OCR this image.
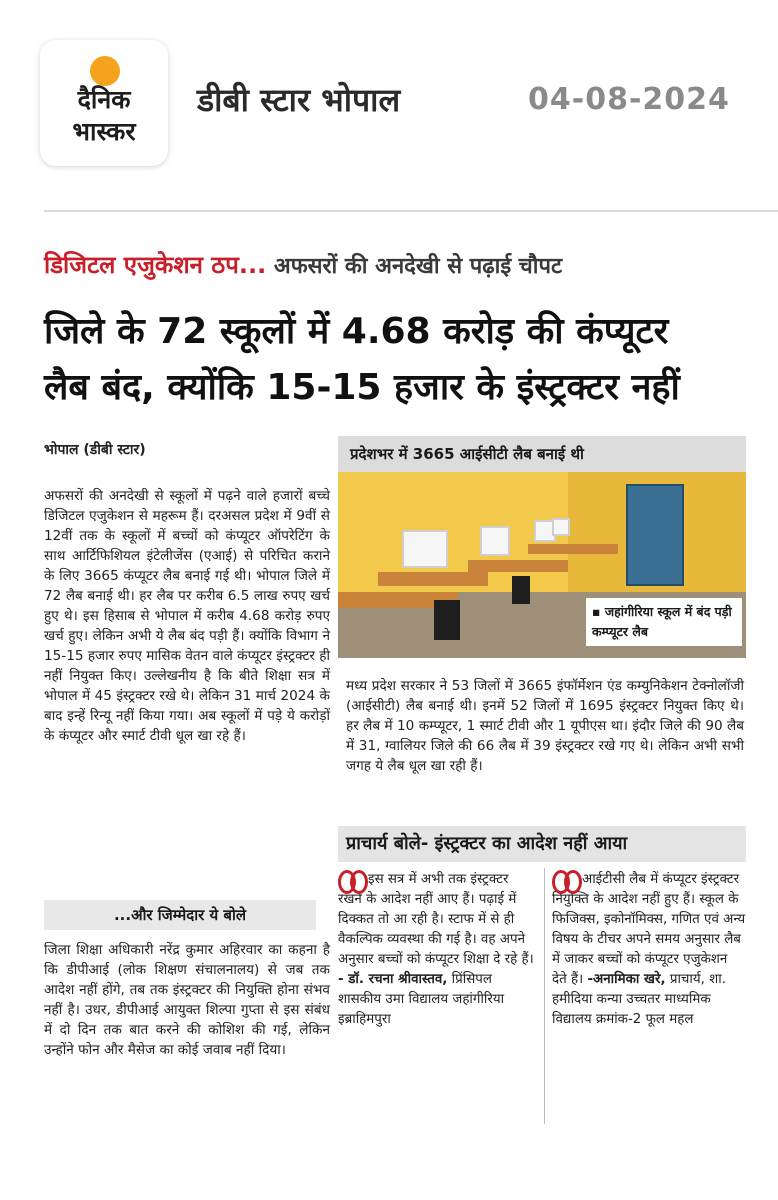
दैनिक
भास्कर
डीबी स्टार भोपाल	04-08-2024
डिजिटल एजुकेशन ठप... अफसरों की अनदेखी से पढ़ाई चौपट
जिले के 72 स्कूलों में 4.68 करोड़ की कंप्यूटर
लैब बंद, क्योंकि 15-15 हजार के इंस्ट्रक्टर नहीं
भोपाल (डीबी स्टार)
अफसरों की अनदेखी से स्कूलों में पढ़ने वाले हजारों बच्चे डिजिटल एजुकेशन से महरूम हैं। दरअसल प्रदेश में 9वीं से 12वीं तक के स्कूलों में बच्चों को कंप्यूटर ऑपरेटिंग के साथ आर्टिफिशियल इंटेलीजेंस (एआई) से परिचित कराने के लिए 3665 कंप्यूटर लैब बनाई गई थी। भोपाल जिले में 72 लैब बनाई थी। हर लैब पर करीब 6.5 लाख रुपए खर्च हुए थे। इस हिसाब से भोपाल में करीब 4.68 करोड़ रुपए खर्च हुए। लेकिन अभी ये लैब बंद पड़ी हैं। क्योंकि विभाग ने 15-15 हजार रुपए मासिक वेतन वाले कंप्यूटर इंस्ट्रक्टर ही नहीं नियुक्त किए। उल्लेखनीय है कि बीते शिक्षा सत्र में भोपाल में 45 इंस्ट्रक्टर रखे थे। लेकिन 31 मार्च 2024 के बाद इन्हें रिन्यू नहीं किया गया। अब स्कूलों में पड़े ये करोड़ों के कंप्यूटर और स्मार्ट टीवी धूल खा रहे हैं।
...और जिम्मेदार ये बोले
जिला शिक्षा अधिकारी नरेंद्र कुमार अहिरवार का कहना है कि डीपीआई (लोक शिक्षण संचालनालय) से जब तक आदेश नहीं होंगे, तब तक इंस्ट्रक्टर की नियुक्ति होना संभव नहीं है। उधर, डीपीआई आयुक्त शिल्पा गुप्ता से इस संबंध में दो दिन तक बात करने की कोशिश की गई, लेकिन उन्होंने फोन और मैसेज का कोई जवाब नहीं दिया।
प्रदेशभर में 3665 आईसीटी लैब बनाई थी
▪ जहांगीरिया स्कूल में बंद पड़ी कम्प्यूटर लैब
मध्य प्रदेश सरकार ने 53 जिलों में 3665 इंफॉर्मेशन एंड कम्युनिकेशन टेक्नोलॉजी (आईसीटी) लैब बनाई थी। इनमें 52 जिलों में 1695 इंस्ट्रक्टर नियुक्त किए थे। हर लैब में 10 कम्प्यूटर, 1 स्मार्ट टीवी और 1 यूपीएस था। इंदौर जिले की 90 लैब में 31, ग्वालियर जिले की 66 लैब में 39 इंस्ट्रक्टर रखे गए थे। लेकिन अभी सभी जगह ये लैब धूल खा रही हैं।
प्राचार्य बोले- इंस्ट्रक्टर का आदेश नहीं आया
इस सत्र में अभी तक इंस्ट्रक्टर रखने के आदेश नहीं आए हैं। पढ़ाई में दिक्कत तो आ रही है। स्टाफ में से ही वैकल्पिक व्यवस्था की गई है। वह अपने अनुसार बच्चों को कंप्यूटर शिक्षा दे रहे हैं। - डॉ. रचना श्रीवास्तव, प्रिंसिपल शासकीय उमा विद्यालय जहांगीरिया इब्राहिमपुरा
आईटीसी लैब में कंप्यूटर इंस्ट्रक्टर नियुक्ति के आदेश नहीं हुए हैं। स्कूल के फिजिक्स, इकोनॉमिक्स, गणित एवं अन्य विषय के टीचर अपने समय अनुसार लैब में जाकर बच्चों को कंप्यूटर एजुकेशन देते हैं। -अनामिका खरे, प्राचार्य, शा. हमीदिया कन्या उच्चतर माध्यमिक विद्यालय क्रमांक-2 फूल महल
